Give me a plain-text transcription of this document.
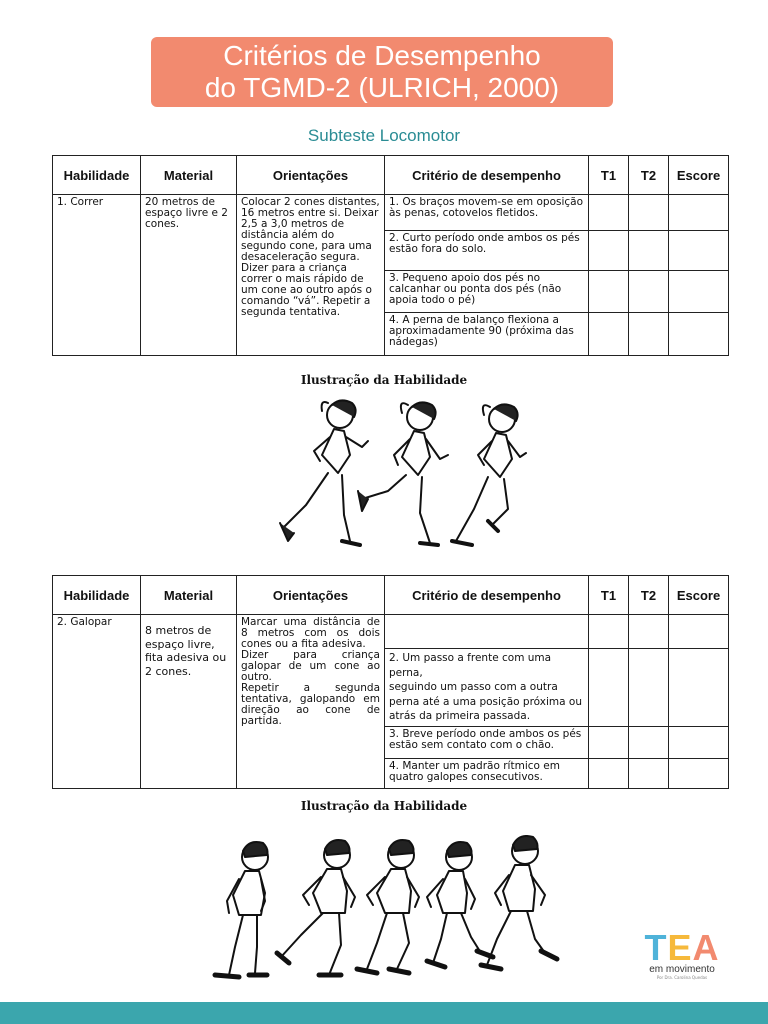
Critérios de Desempenho
do TGMD-2 (ULRICH, 2000)
Subteste Locomotor
Habilidade	Material	Orientações	Critério de desempenho	T1	T2	Escore
1. Correr	20 metros de espaço livre e 2 cones.	Colocar 2 cones distantes, 16 metros entre si. Deixar 2,5 a 3,0 metros de distância além do segundo cone, para uma desaceleração segura.
Dizer para a criança correr o mais rápido de um cone ao outro após o comando “vá”. Repetir a segunda tentativa.	1. Os braços movem-se em oposição às penas, cotovelos fletidos.			
			2. Curto período onde ambos os pés estão fora do solo.			
			3. Pequeno apoio dos pés no calcanhar ou ponta dos pés (não apoia todo o pé)			
			4. A perna de balanço flexiona a aproximadamente 90 (próxima das nádegas)			
Ilustração da Habilidade
Habilidade	Material	Orientações	Critério de desempenho	T1	T2	Escore
2. Galopar	8 metros de espaço livre, fita adesiva ou 2 cones.	Marcar uma distância de 8 metros com os dois cones ou a fita adesiva.
Dizer para criança galopar de um cone ao outro.
Repetir a segunda tentativa, galopando em direção ao cone de partida.				
			2. Um passo a frente com uma perna,
seguindo um passo com a outra perna até a uma posição próxima ou atrás da primeira passada.			
			3. Breve período onde ambos os pés estão sem contato com o chão.			
			4. Manter um padrão rítmico em quatro galopes consecutivos.			
Ilustração da Habilidade
TEA
em movimento
Por Dra. Carolina Quedas
